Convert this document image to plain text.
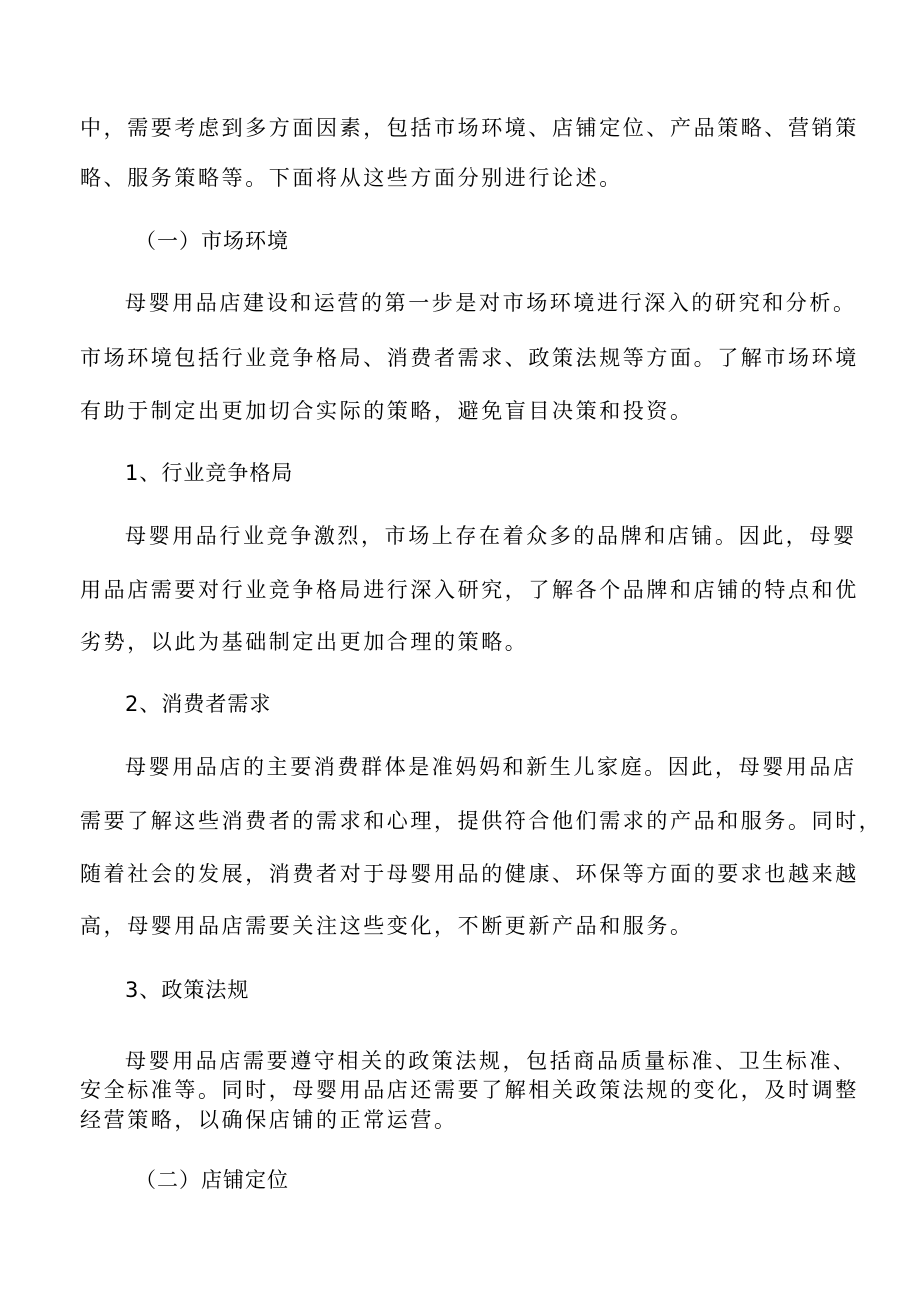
中，需要考虑到多方面因素，包括市场环境、店铺定位、产品策略、营销策
略、服务策略等。下面将从这些方面分别进行论述。
（一）市场环境
母婴用品店建设和运营的第一步是对市场环境进行深入的研究和分析。
市场环境包括行业竞争格局、消费者需求、政策法规等方面。了解市场环境
有助于制定出更加切合实际的策略，避免盲目决策和投资。
1、行业竞争格局
母婴用品行业竞争激烈，市场上存在着众多的品牌和店铺。因此，母婴
用品店需要对行业竞争格局进行深入研究，了解各个品牌和店铺的特点和优
劣势，以此为基础制定出更加合理的策略。
2、消费者需求
母婴用品店的主要消费群体是准妈妈和新生儿家庭。因此，母婴用品店
需要了解这些消费者的需求和心理，提供符合他们需求的产品和服务。同时，
随着社会的发展，消费者对于母婴用品的健康、环保等方面的要求也越来越
高，母婴用品店需要关注这些变化，不断更新产品和服务。
3、政策法规
母婴用品店需要遵守相关的政策法规，包括商品质量标准、卫生标准、
安全标准等。同时，母婴用品店还需要了解相关政策法规的变化，及时调整
经营策略，以确保店铺的正常运营。
（二）店铺定位
